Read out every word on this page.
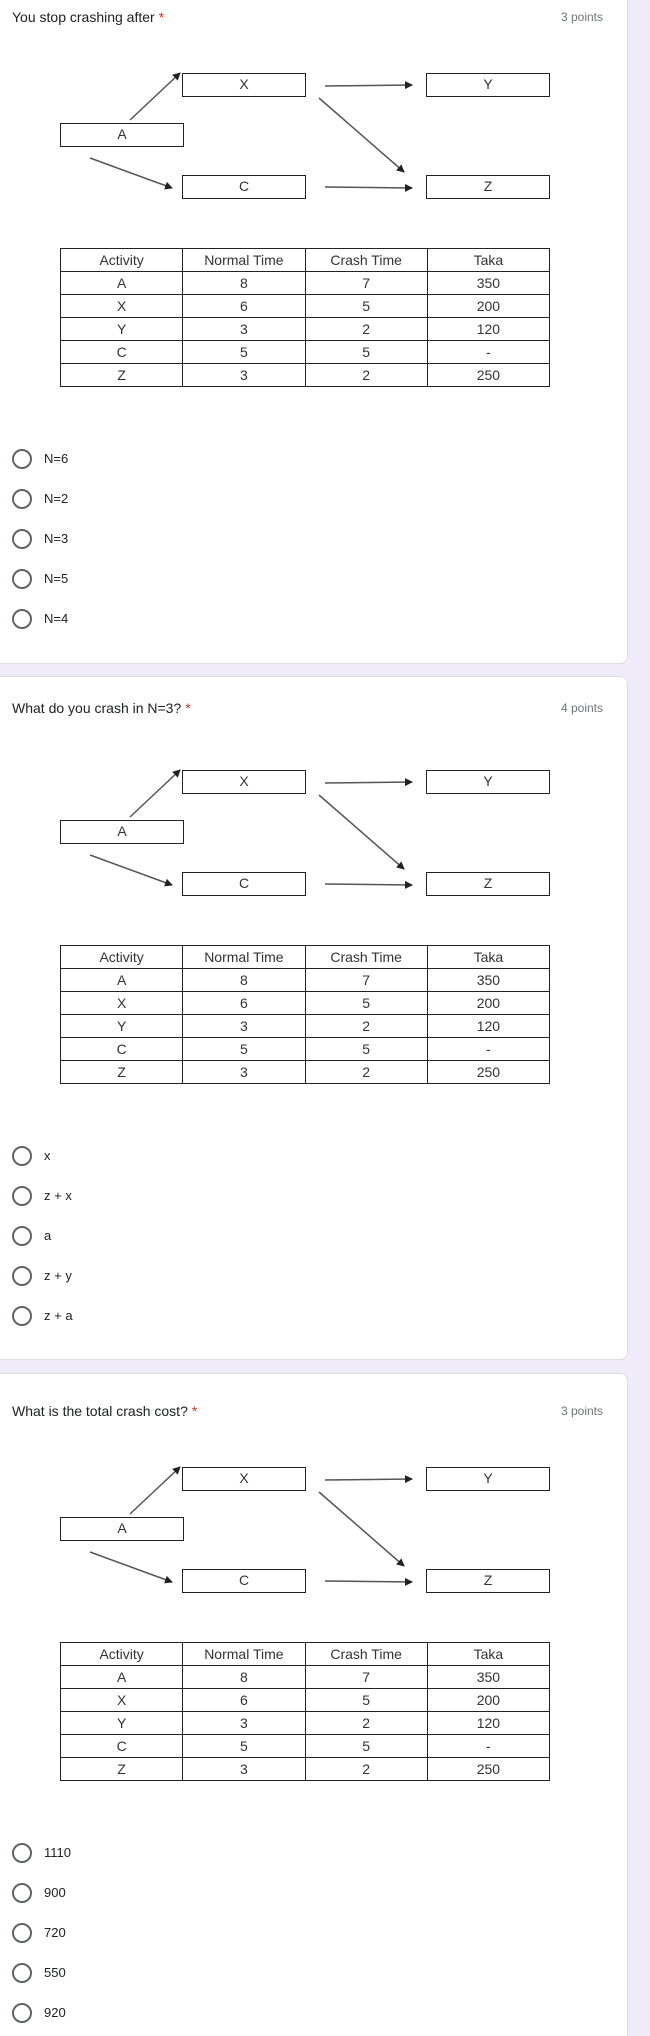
You stop crashing after *	3 points
A
X
C
Y
Z
Activity	Normal Time	Crash Time	Taka
A	8	7	350
X	6	5	200
Y	3	2	120
C	5	5	-
Z	3	2	250
N=6
N=2
N=3
N=5
N=4
What do you crash in N=3? *	4 points
A
X
C
Y
Z
Activity	Normal Time	Crash Time	Taka
A	8	7	350
X	6	5	200
Y	3	2	120
C	5	5	-
Z	3	2	250
x
z + x
a
z + y
z + a
What is the total crash cost? *	3 points
A
X
C
Y
Z
Activity	Normal Time	Crash Time	Taka
A	8	7	350
X	6	5	200
Y	3	2	120
C	5	5	-
Z	3	2	250
1110
900
720
550
920
